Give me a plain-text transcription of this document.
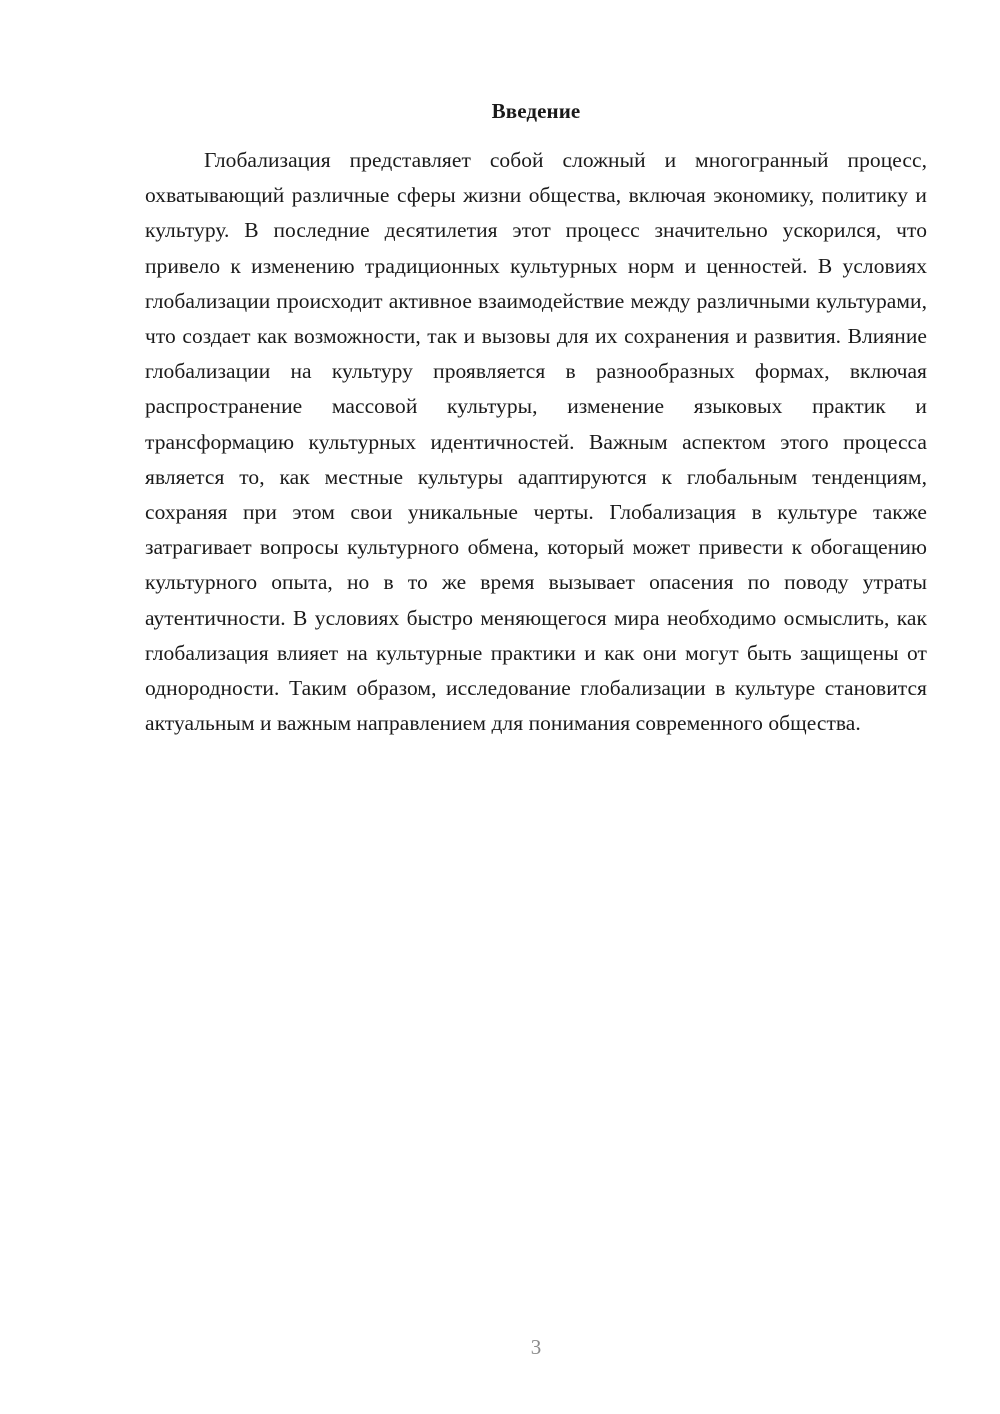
Введение

Глобализация представляет собой сложный и многогранный процесс, охватывающий различные сферы жизни общества, включая экономику, политику и культуру. В последние десятилетия этот процесс значительно ускорился, что привело к изменению традиционных культурных норм и ценностей. В условиях глобализации происходит активное взаимодействие между различными культурами, что создает как возможности, так и вызовы для их сохранения и развития. Влияние глобализации на культуру проявляется в разнообразных формах, включая распространение массовой культуры, изменение языковых практик и трансформацию культурных идентичностей. Важным аспектом этого процесса является то, как местные культуры адаптируются к глобальным тенденциям, сохраняя при этом свои уникальные черты. Глобализация в культуре также затрагивает вопросы культурного обмена, который может привести к обогащению культурного опыта, но в то же время вызывает опасения по поводу утраты аутентичности. В условиях быстро меняющегося мира необходимо осмыслить, как глобализация влияет на культурные практики и как они могут быть защищены от однородности. Таким образом, исследование глобализации в культуре становится актуальным и важным направлением для понимания современного общества.

3
